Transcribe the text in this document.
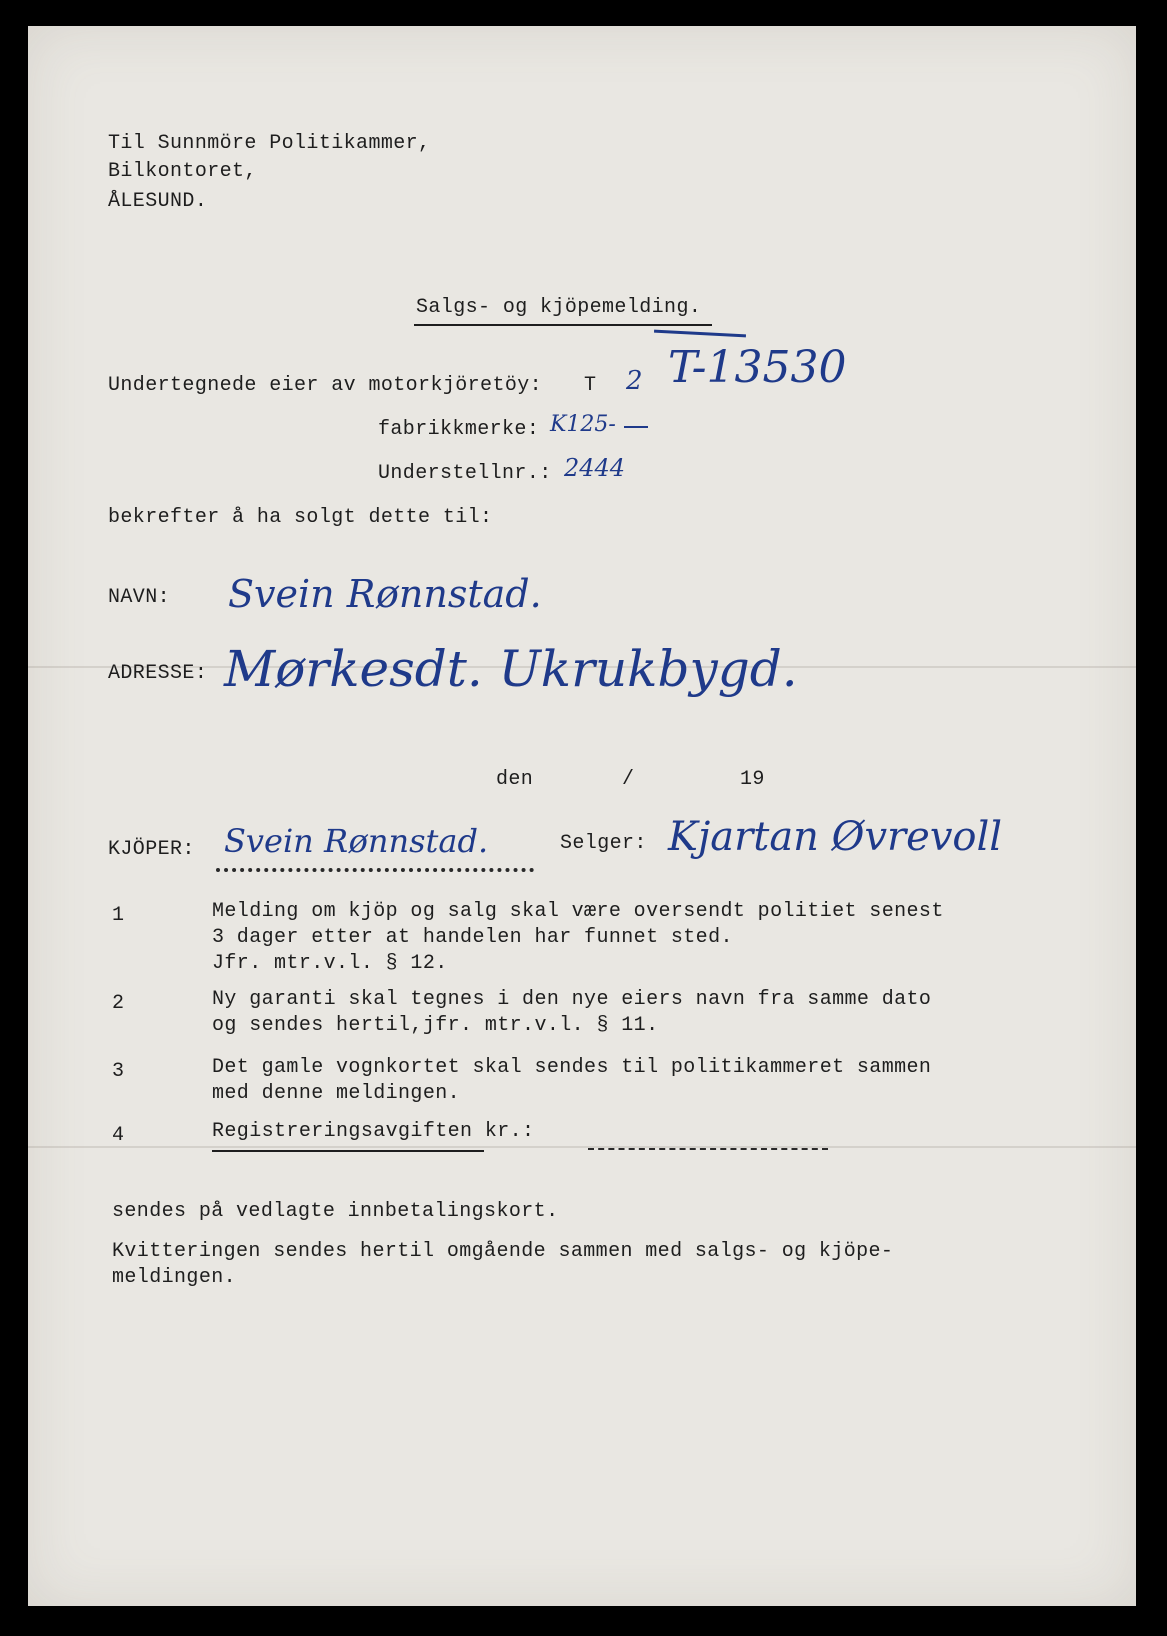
Til Sunnmöre Politikammer,

Bilkontoret,

ÅLESUND.

Salgs- og kjöpemelding.

Undertegnede eier av motorkjöretöy: T 2 T-13530

fabrikkmerke: K125-

Understellnr.: 2444

bekrefter å ha solgt dette til:

NAVN: Svein Rønnstad.

ADRESSE: Mørkesdt. Ukrukbygd.

den	/	19

KJÖPER: Svein Rønnstad.	Selger: Kjartan Øvrevoll

1	Melding om kjöp og salg skal være oversendt politiet senest

3 dager etter at handelen har funnet sted.

Jfr. mtr.v.l. § 12.

2	Ny garanti skal tegnes i den nye eiers navn fra samme dato

og sendes hertil,jfr. mtr.v.l. § 11.

3	Det gamle vognkortet skal sendes til politikammeret sammen

med denne meldingen.

4	Registreringsavgiften kr.:

sendes på vedlagte innbetalingskort.

Kvitteringen sendes hertil omgående sammen med salgs- og kjöpe-

meldingen.
